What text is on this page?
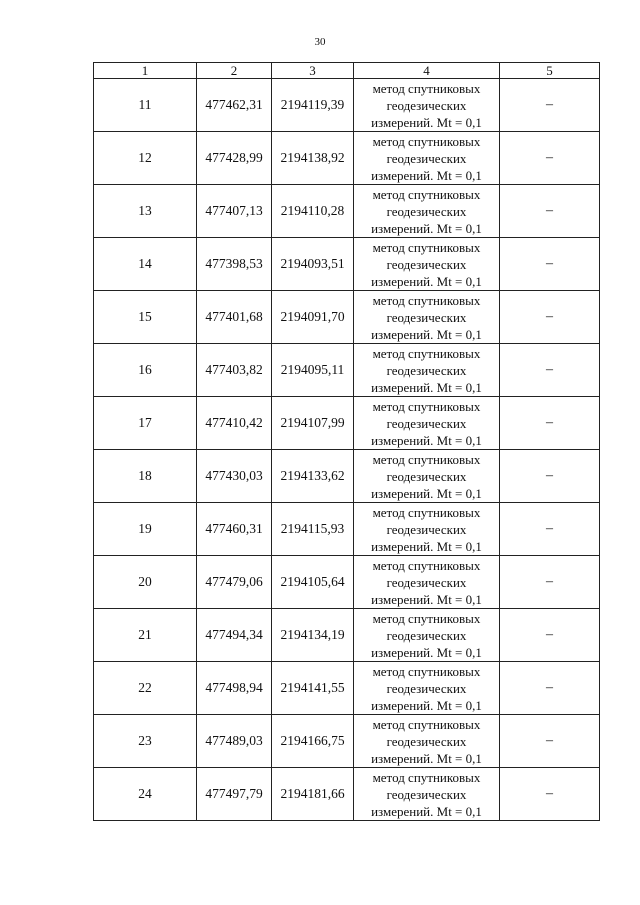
30
1	2	3	4	5
11	477462,31	2194119,39	метод спутниковых
геодезических
измерений. Mt = 0,1	–
12	477428,99	2194138,92	метод спутниковых
геодезических
измерений. Mt = 0,1	–
13	477407,13	2194110,28	метод спутниковых
геодезических
измерений. Mt = 0,1	–
14	477398,53	2194093,51	метод спутниковых
геодезических
измерений. Mt = 0,1	–
15	477401,68	2194091,70	метод спутниковых
геодезических
измерений. Mt = 0,1	–
16	477403,82	2194095,11	метод спутниковых
геодезических
измерений. Mt = 0,1	–
17	477410,42	2194107,99	метод спутниковых
геодезических
измерений. Mt = 0,1	–
18	477430,03	2194133,62	метод спутниковых
геодезических
измерений. Mt = 0,1	–
19	477460,31	2194115,93	метод спутниковых
геодезических
измерений. Mt = 0,1	–
20	477479,06	2194105,64	метод спутниковых
геодезических
измерений. Mt = 0,1	–
21	477494,34	2194134,19	метод спутниковых
геодезических
измерений. Mt = 0,1	–
22	477498,94	2194141,55	метод спутниковых
геодезических
измерений. Mt = 0,1	–
23	477489,03	2194166,75	метод спутниковых
геодезических
измерений. Mt = 0,1	–
24	477497,79	2194181,66	метод спутниковых
геодезических
измерений. Mt = 0,1	–
